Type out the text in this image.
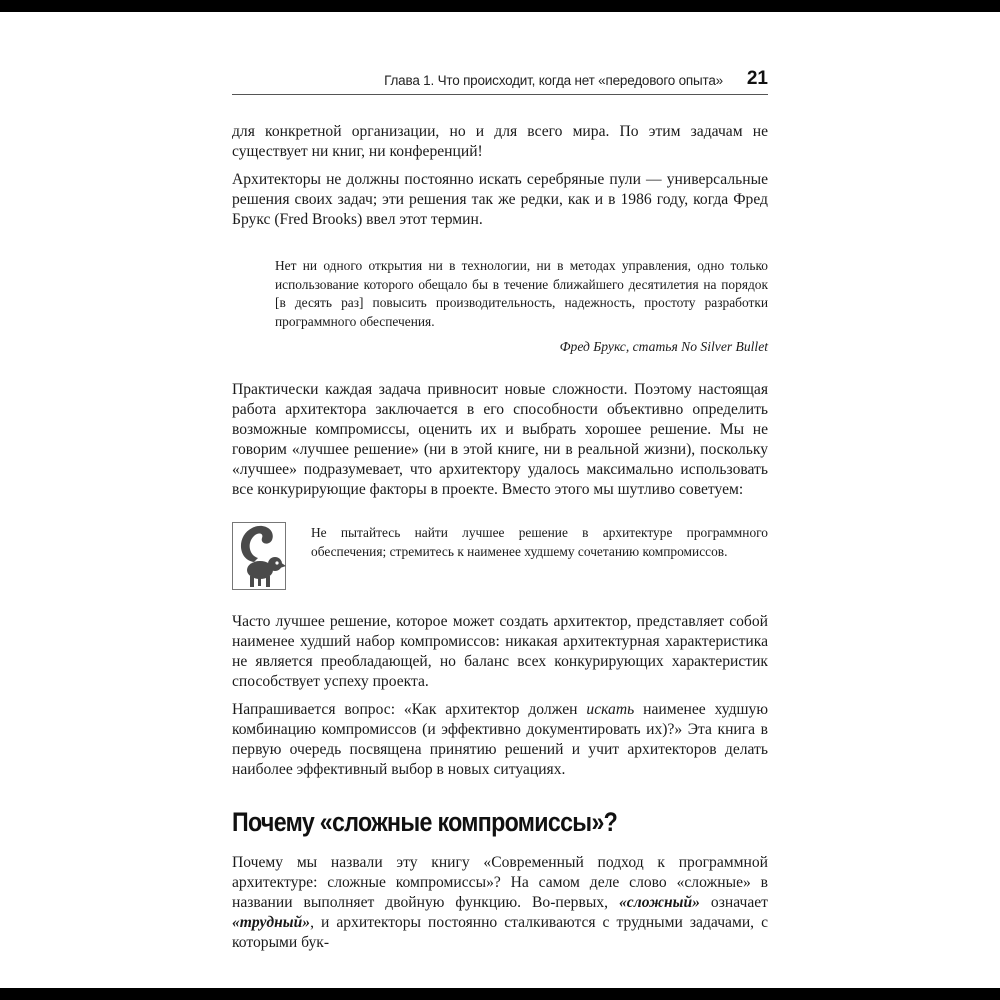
Глава 1. Что происходит, когда нет «передового опыта» 21

для конкретной организации, но и для всего мира. По этим задачам не существует ни книг, ни конференций!

Архитекторы не должны постоянно искать серебряные пули — универсальные решения своих задач; эти решения так же редки, как и в 1986 году, когда Фред Брукс (Fred Brooks) ввел этот термин.

Нет ни одного открытия ни в технологии, ни в методах управления, одно только использование которого обещало бы в течение ближайшего десятилетия на порядок [в десять раз] повысить производительность, надежность, простоту разработки программного обеспечения.

Фред Брукс, статья No Silver Bullet

Практически каждая задача привносит новые сложности. Поэтому настоящая работа архитектора заключается в его способности объективно определить возможные компромиссы, оценить их и выбрать хорошее решение. Мы не говорим «лучшее решение» (ни в этой книге, ни в реальной жизни), поскольку «лучшее» подразумевает, что архитектору удалось максимально использовать все конкурирующие факторы в проекте. Вместо этого мы шутливо советуем:

Не пытайтесь найти лучшее решение в архитектуре программного обеспечения; стремитесь к наименее худшему сочетанию компромиссов.

Часто лучшее решение, которое может создать архитектор, представляет собой наименее худший набор компромиссов: никакая архитектурная характеристика не является преобладающей, но баланс всех конкурирующих характеристик способствует успеху проекта.

Напрашивается вопрос: «Как архитектор должен искать наименее худшую комбинацию компромиссов (и эффективно документировать их)?» Эта книга в первую очередь посвящена принятию решений и учит архитекторов делать наиболее эффективный выбор в новых ситуациях.

Почему «сложные компромиссы»?

Почему мы назвали эту книгу «Современный подход к программной архитектуре: сложные компромиссы»? На самом деле слово «сложные» в названии выполняет двойную функцию. Во-первых, «сложный» означает «трудный», и архитекторы постоянно сталкиваются с трудными задачами, с которыми бук-
